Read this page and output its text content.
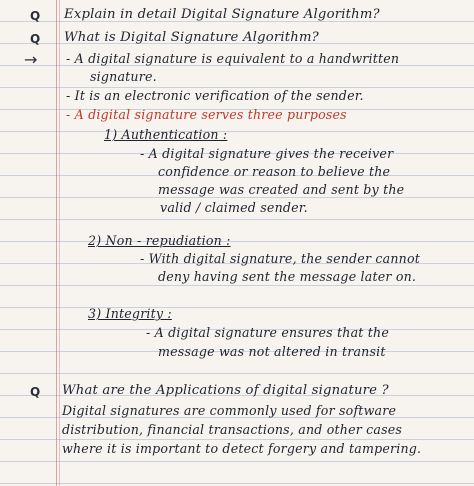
Q Explain in detail Digital Signature Algorithm?
Q What is Digital Signature Algorithm?
→ - A digital signature is equivalent to a handwritten
signature.
- It is an electronic verification of the sender.
- A digital signature serves three purposes
1) Authentication :
- A digital signature gives the receiver
confidence or reason to believe the
message was created and sent by the
valid / claimed sender.
2) Non - repudiation :
- With digital signature, the sender cannot
deny having sent the message later on.
3) Integrity :
- A digital signature ensures that the
message was not altered in transit
Q What are the Applications of digital signature ?
Digital signatures are commonly used for software
distribution, financial transactions, and other cases
where it is important to detect forgery and tampering.
